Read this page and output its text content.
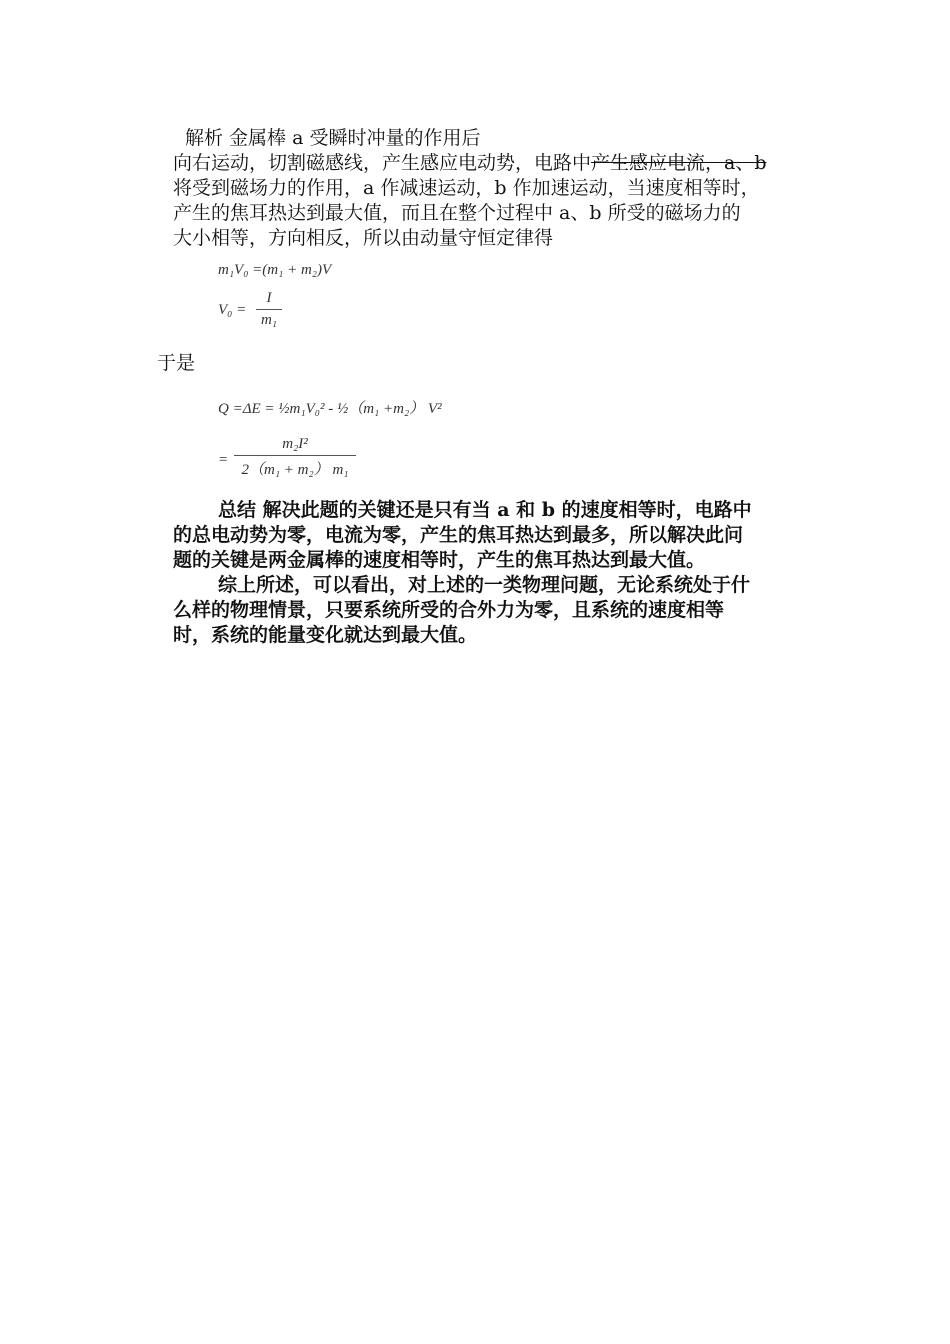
解析 金属棒 a 受瞬时冲量的作用后
向右运动，切割磁感线，产生感应电动势，电路中产生感应电流，a、b
将受到磁场力的作用，a 作减速运动，b 作加速运动，当速度相等时，
产生的焦耳热达到最大值，而且在整个过程中 a、b 所受的磁场力的
大小相等，方向相反，所以由动量守恒定律得
m₁V₀ =(m₁ + m₂)V
V₀ =
I
m₁
于是
Q =ΔE = ½m₁V₀² - ½（m₁ +m₂） V²
=
m₂I²
2（m₁ + m₂） m₁
总结 解决此题的关键还是只有当 a 和 b 的速度相等时，电路中
的总电动势为零，电流为零，产生的焦耳热达到最多，所以解决此问
题的关键是两金属棒的速度相等时，产生的焦耳热达到最大值。
综上所述，可以看出，对上述的一类物理问题，无论系统处于什
么样的物理情景，只要系统所受的合外力为零，且系统的速度相等
时，系统的能量变化就达到最大值。
